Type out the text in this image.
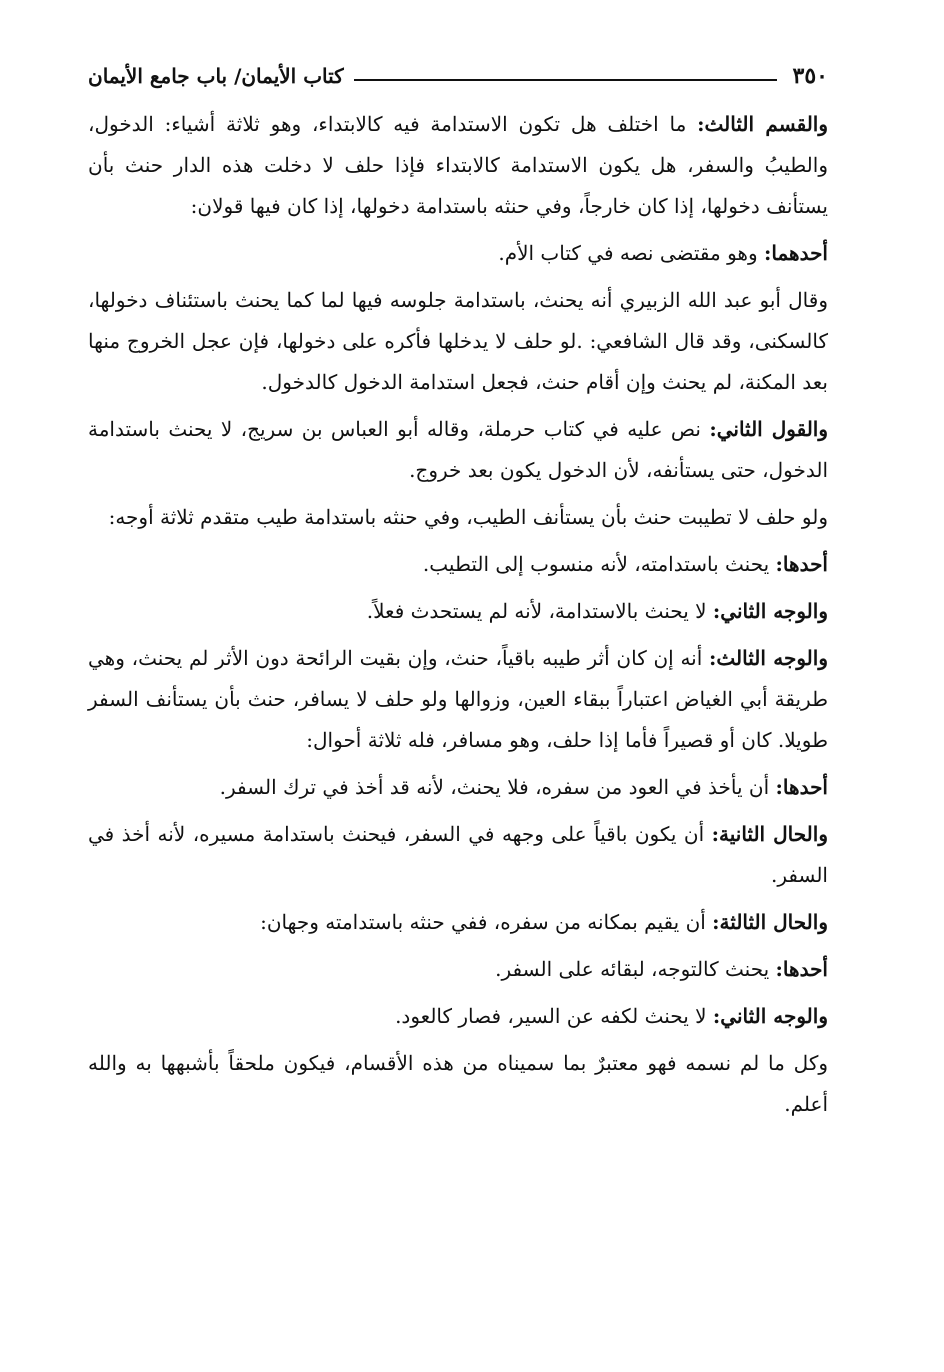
٣٥٠
كتاب الأيمان/ باب جامع الأيمان

والقسم الثالث: ما اختلف هل تكون الاستدامة فيه كالابتداء، وهو ثلاثة أشياء: الدخول، والطيبُ والسفر، هل يكون الاستدامة كالابتداء فإذا حلف لا دخلت هذه الدار حنث بأن يستأنف دخولها، إذا كان خارجاً، وفي حنثه باستدامة دخولها، إذا كان فيها قولان:

أحدهما: وهو مقتضى نصه في كتاب الأم.

وقال أبو عبد الله الزبيري أنه يحنث، باستدامة جلوسه فيها لما كما يحنث باستئناف دخولها، كالسكنى، وقد قال الشافعي: .لو حلف لا يدخلها فأكره على دخولها، فإن عجل الخروج منها بعد المكنة، لم يحنث وإن أقام حنث، فجعل استدامة الدخول كالدخول.

والقول الثاني: نص عليه في كتاب حرملة، وقاله أبو العباس بن سريج، لا يحنث باستدامة الدخول، حتى يستأنفه، لأن الدخول يكون بعد خروج.

ولو حلف لا تطيبت حنث بأن يستأنف الطيب، وفي حنثه باستدامة طيب متقدم ثلاثة أوجه:

أحدها: يحنث باستدامته، لأنه منسوب إلى التطيب.

والوجه الثاني: لا يحنث بالاستدامة، لأنه لم يستحدث فعلاً.

والوجه الثالث: أنه إن كان أثر طيبه باقياً، حنث، وإن بقيت الرائحة دون الأثر لم يحنث، وهي طريقة أبي الغياض اعتباراً ببقاء العين، وزوالها ولو حلف لا يسافر، حنث بأن يستأنف السفر طويلا. كان أو قصيراً فأما إذا حلف، وهو مسافر، فله ثلاثة أحوال:

أحدها: أن يأخذ في العود من سفره، فلا يحنث، لأنه قد أخذ في ترك السفر.

والحال الثانية: أن يكون باقياً على وجهه في السفر، فيحنث باستدامة مسيره، لأنه أخذ في السفر.

والحال الثالثة: أن يقيم بمكانه من سفره، ففي حنثه باستدامته وجهان:

أحدها: يحنث كالتوجه، لبقائه على السفر.

والوجه الثاني: لا يحنث لكفه عن السير، فصار كالعود.

وكل ما لم نسمه فهو معتبرٌ بما سميناه من هذه الأقسام، فيكون ملحقاً بأشبهها به والله أعلم.
